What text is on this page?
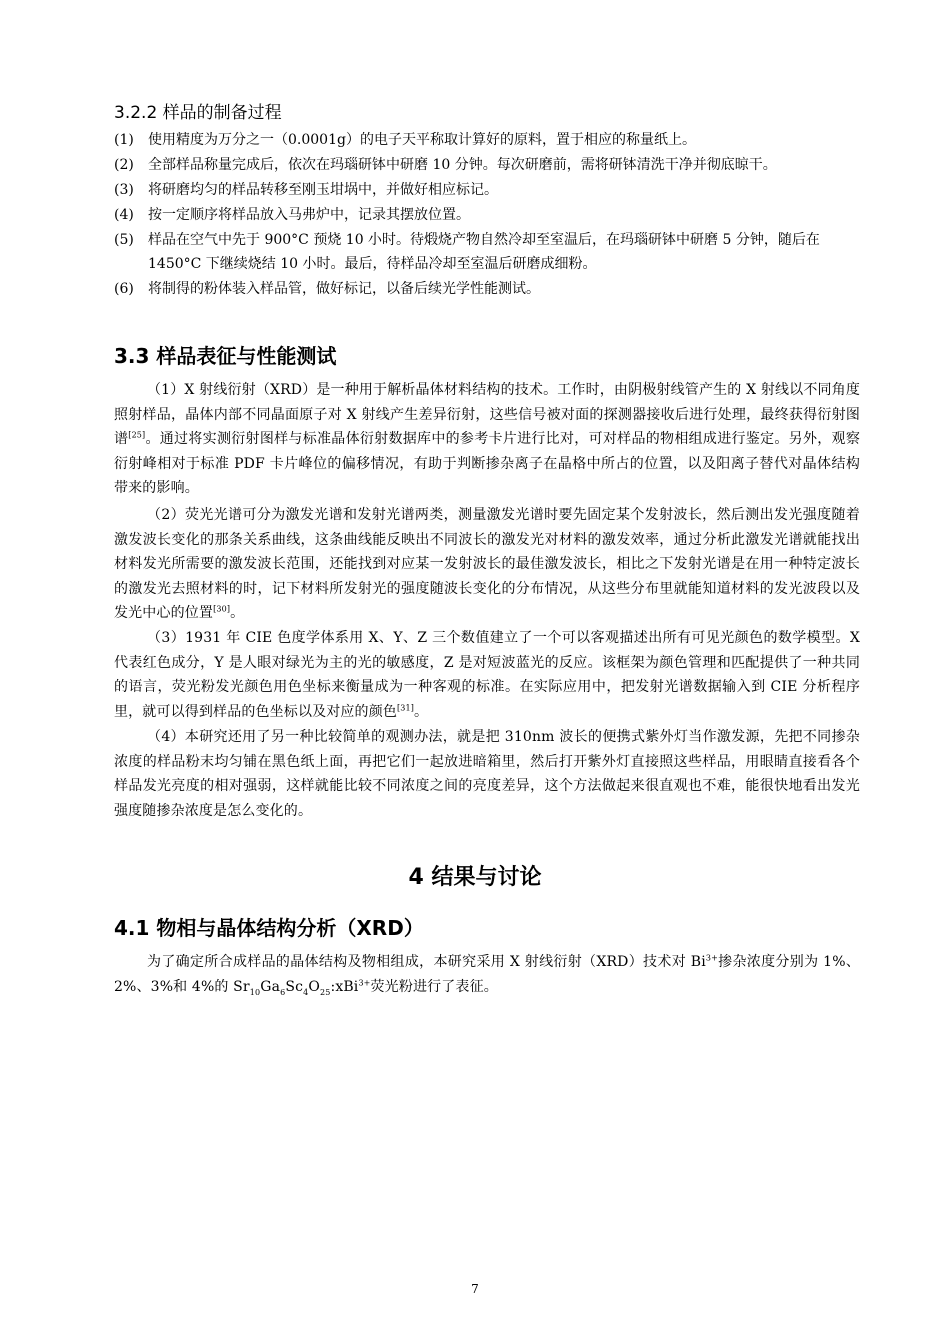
3.2.2 样品的制备过程
(1) 使用精度为万分之一（0.0001g）的电子天平称取计算好的原料，置于相应的称量纸上。
(2) 全部样品称量完成后，依次在玛瑙研钵中研磨 10 分钟。每次研磨前，需将研钵清洗干净并彻底晾干。
(3) 将研磨均匀的样品转移至刚玉坩埚中，并做好相应标记。
(4) 按一定顺序将样品放入马弗炉中，记录其摆放位置。
(5) 样品在空气中先于 900°C 预烧 10 小时。待煅烧产物自然冷却至室温后，在玛瑙研钵中研磨 5 分钟，随后在 1450°C 下继续烧结 10 小时。最后，待样品冷却至室温后研磨成细粉。
(6) 将制得的粉体装入样品管，做好标记，以备后续光学性能测试。
3.3 样品表征与性能测试

（1）X 射线衍射（XRD）是一种用于解析晶体材料结构的技术。工作时，由阴极射线管产生的 X 射线以不同角度照射样品，晶体内部不同晶面原子对 X 射线产生差异衍射，这些信号被对面的探测器接收后进行处理，最终获得衍射图谱[25]。通过将实测衍射图样与标准晶体衍射数据库中的参考卡片进行比对，可对样品的物相组成进行鉴定。另外，观察衍射峰相对于标准 PDF 卡片峰位的偏移情况，有助于判断掺杂离子在晶格中所占的位置，以及阳离子替代对晶体结构带来的影响。

（2）荧光光谱可分为激发光谱和发射光谱两类，测量激发光谱时要先固定某个发射波长，然后测出发光强度随着激发波长变化的那条关系曲线，这条曲线能反映出不同波长的激发光对材料的激发效率，通过分析此激发光谱就能找出材料发光所需要的激发波长范围，还能找到对应某一发射波长的最佳激发波长，相比之下发射光谱是在用一种特定波长的激发光去照材料的时，记下材料所发射光的强度随波长变化的分布情况，从这些分布里就能知道材料的发光波段以及发光中心的位置[30]。

（3）1931 年 CIE 色度学体系用 X、Y、Z 三个数值建立了一个可以客观描述出所有可见光颜色的数学模型。X 代表红色成分，Y 是人眼对绿光为主的光的敏感度，Z 是对短波蓝光的反应。该框架为颜色管理和匹配提供了一种共同的语言，荧光粉发光颜色用色坐标来衡量成为一种客观的标准。在实际应用中，把发射光谱数据输入到 CIE 分析程序里，就可以得到样品的色坐标以及对应的颜色[31]。

（4）本研究还用了另一种比较简单的观测办法，就是把 310nm 波长的便携式紫外灯当作激发源，先把不同掺杂浓度的样品粉末均匀铺在黑色纸上面，再把它们一起放进暗箱里，然后打开紫外灯直接照这些样品，用眼睛直接看各个样品发光亮度的相对强弱，这样就能比较不同浓度之间的亮度差异，这个方法做起来很直观也不难，能很快地看出发光强度随掺杂浓度是怎么变化的。

4 结果与讨论
4.1 物相与晶体结构分析（XRD）

为了确定所合成样品的晶体结构及物相组成，本研究采用 X 射线衍射（XRD）技术对 $Bi^{3+}$掺杂浓度分别为 1%、2%、3%和 4%的 $Sr_{10}Ga_6Sc_4O_{25}:xBi^{3+}$荧光粉进行了表征。

7
